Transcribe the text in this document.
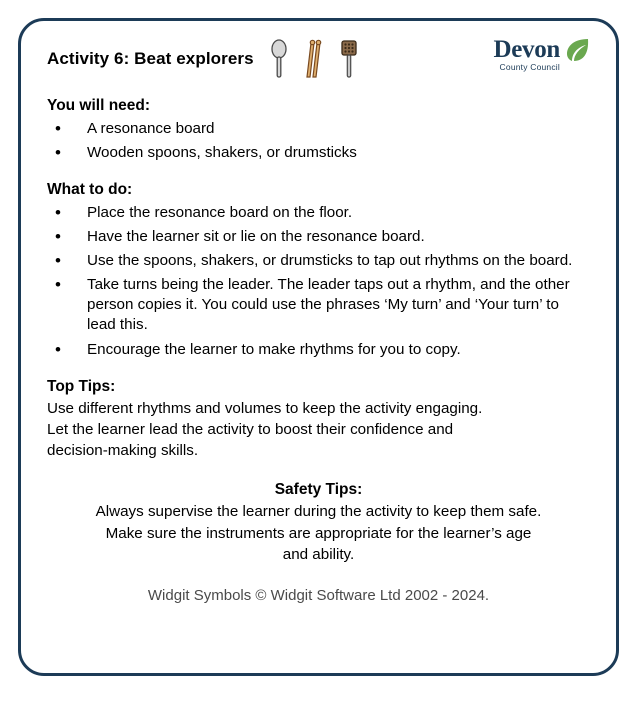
Activity 6: Beat explorers	Devon
County Council
You will need:
• A resonance board
• Wooden spoons, shakers, or drumsticks
What to do:
• Place the resonance board on the floor.
• Have the learner sit or lie on the resonance board.
• Use the spoons, shakers, or drumsticks to tap out rhythms on the board.
• Take turns being the leader. The leader taps out a rhythm, and the other person copies it. You could use the phrases ‘My turn’ and ‘Your turn’ to lead this.
• Encourage the learner to make rhythms for you to copy.
Top Tips:

Use different rhythms and volumes to keep the activity engaging.

Let the learner lead the activity to boost their confidence and

decision-making skills.

Safety Tips:
Always supervise the learner during the activity to keep them safe.
Make sure the instruments are appropriate for the learner’s age
and ability.
Widgit Symbols © Widgit Software Ltd 2002 - 2024.
